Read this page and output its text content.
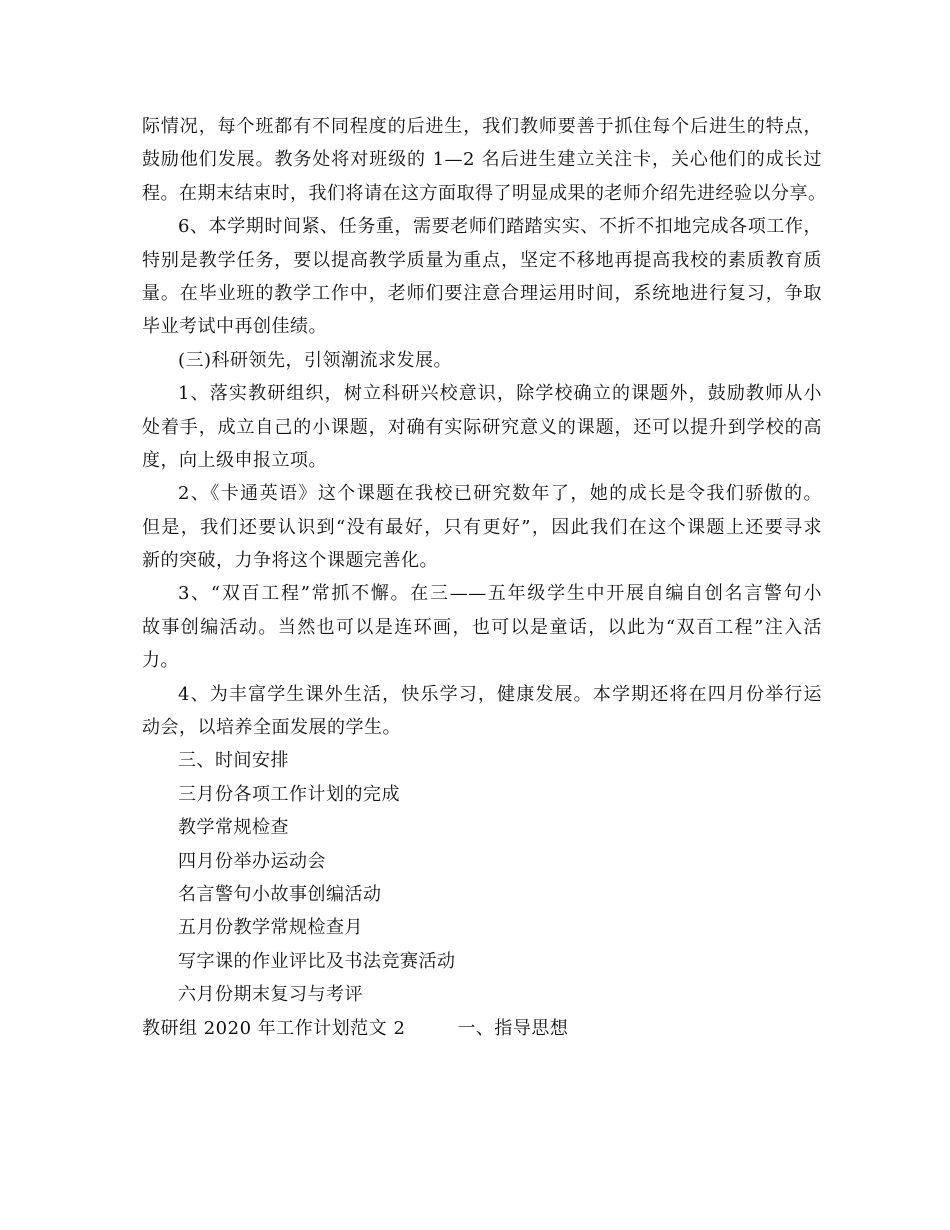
际情况，每个班都有不同程度的后进生，我们教师要善于抓住每个后进生的特点，
鼓励他们发展。教务处将对班级的 1—2 名后进生建立关注卡，关心他们的成长过
程。在期末结束时，我们将请在这方面取得了明显成果的老师介绍先进经验以分享。
6、本学期时间紧、任务重，需要老师们踏踏实实、不折不扣地完成各项工作，
特别是教学任务，要以提高教学质量为重点，坚定不移地再提高我校的素质教育质
量。在毕业班的教学工作中，老师们要注意合理运用时间，系统地进行复习，争取
毕业考试中再创佳绩。
(三)科研领先，引领潮流求发展。
1、落实教研组织，树立科研兴校意识，除学校确立的课题外，鼓励教师从小
处着手，成立自己的小课题，对确有实际研究意义的课题，还可以提升到学校的高
度，向上级申报立项。
2、《卡通英语》这个课题在我校已研究数年了，她的成长是令我们骄傲的。
但是，我们还要认识到“没有最好，只有更好”，因此我们在这个课题上还要寻求
新的突破，力争将这个课题完善化。
3、“双百工程”常抓不懈。在三——五年级学生中开展自编自创名言警句小
故事创编活动。当然也可以是连环画，也可以是童话，以此为“双百工程”注入活
力。
4、为丰富学生课外生活，快乐学习，健康发展。本学期还将在四月份举行运
动会，以培养全面发展的学生。
三、时间安排
三月份各项工作计划的完成
教学常规检查
四月份举办运动会
名言警句小故事创编活动
五月份教学常规检查月
写字课的作业评比及书法竞赛活动
六月份期末复习与考评
教研组 2020 年工作计划范文 2	一、指导思想
